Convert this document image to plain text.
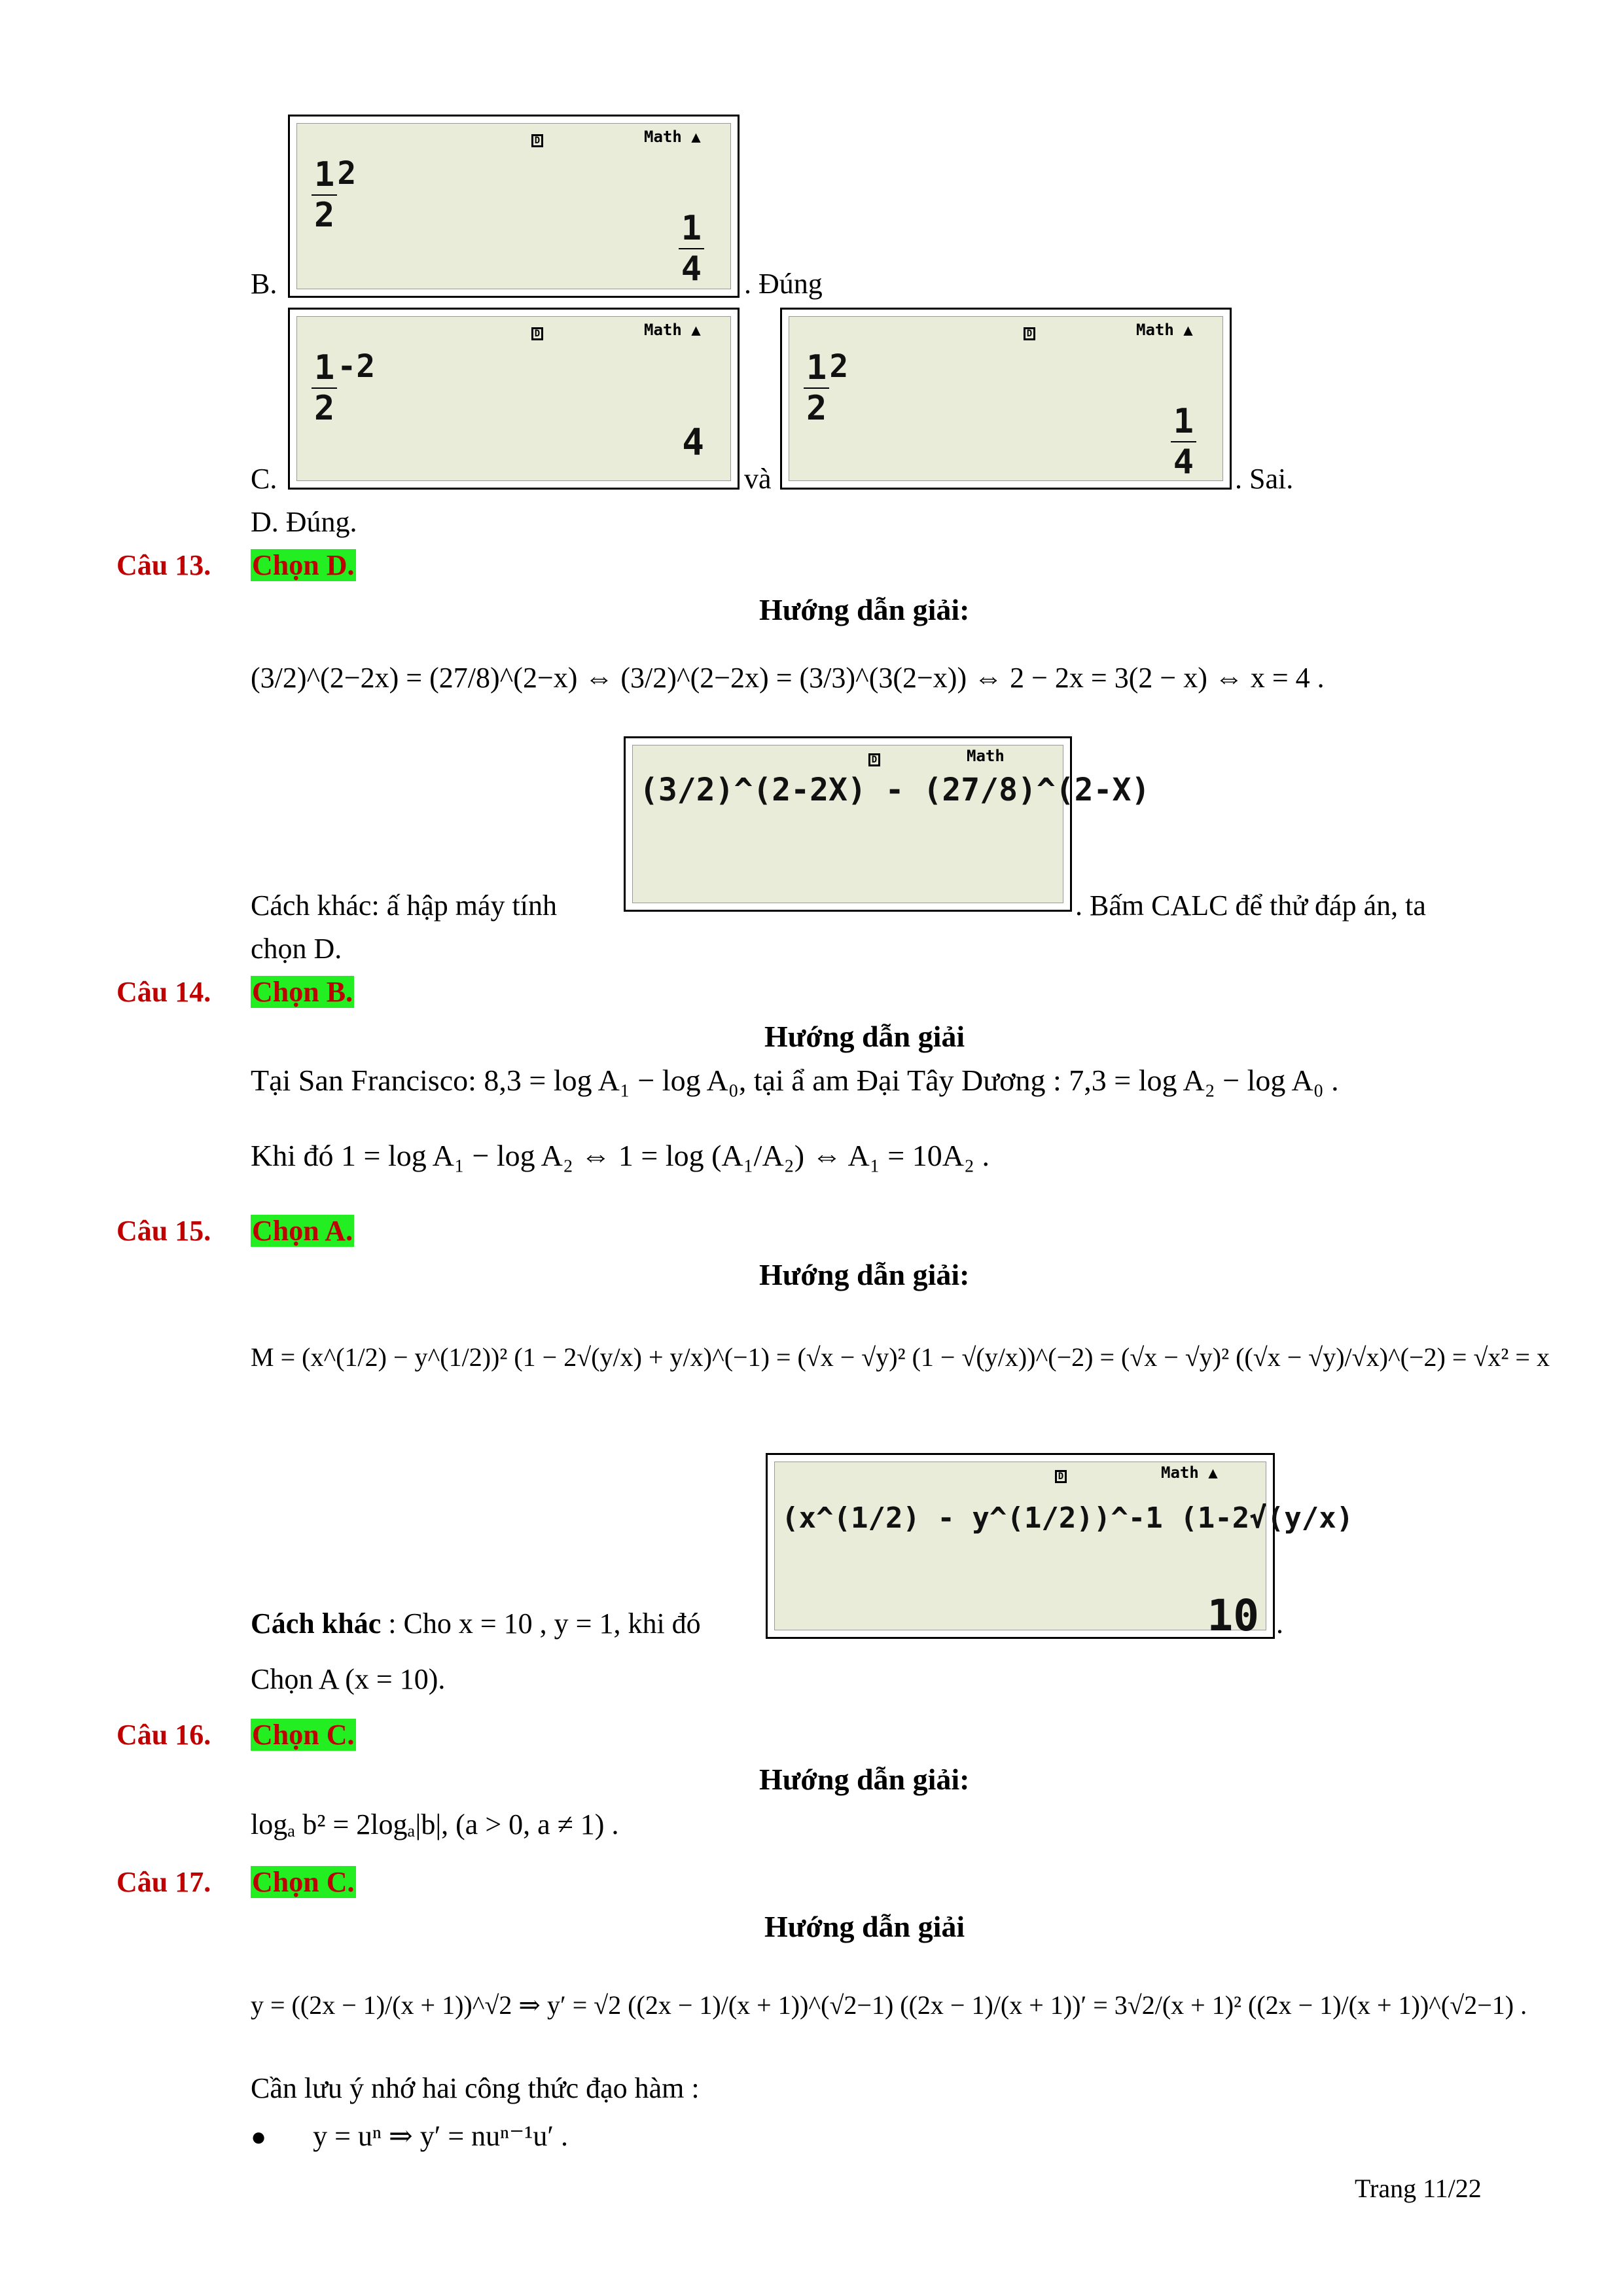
D	Math ▲
$\frac{1}{2} 2$
$\frac{1}{4}$
B.	. Đúng
D	Math ▲
$\frac{1}{2} -2$
4
D	Math ▲
$\frac{1}{2} 2$
$\frac{1}{4}$
C.	và	. Sai.
D. Đúng.
Câu 13. Chọn D.
Hướng dẫn giải:
(3/2)^(2−2x) = (27/8)^(2−x) ⇔ (3/2)^(2−2x) = (3/3)^(3(2−x)) ⇔ 2 − 2x = 3(2 − x) ⇔ x = 4 .
D	Math
(3/2)^(2-2X) - (27/8)^(2-X)
Cách khác: ấ hập máy tính	. Bấm CALC để thử đáp án, ta
chọn D.
Câu 14. Chọn B.
Hướng dẫn giải
Tại San Francisco: 8,3 = log A₁ − log A₀, tại ẩ am Đại Tây Dương : 7,3 = log A₂ − log A₀ .
Khi đó 1 = log A₁ − log A₂ ⇔ 1 = log (A₁/A₂) ⇔ A₁ = 10A₂ .
Câu 15. Chọn A.
Hướng dẫn giải:
M = (x^(1/2) − y^(1/2))² (1 − 2√(y/x) + y/x)^(−1) = (√x − √y)² (1 − √(y/x))^(−2) = (√x − √y)² ((√x − √y)/√x)^(−2) = √x² = x
D	Math ▲
(x^(1/2) - y^(1/2))^-1 (1-2√(y/x)
10
Cách khác : Cho x = 10 , y = 1, khi đó	.
Chọn A (x = 10).
Câu 16. Chọn C.
Hướng dẫn giải:
logₐ b² = 2logₐ|b|, (a > 0, a ≠ 1) .
Câu 17. Chọn C.
Hướng dẫn giải
y = ((2x − 1)/(x + 1))^√2 ⇒ y′ = √2 ((2x − 1)/(x + 1))^(√2−1) ((2x − 1)/(x + 1))′ = 3√2/(x + 1)² ((2x − 1)/(x + 1))^(√2−1) .
Cần lưu ý nhớ hai công thức đạo hàm :
● y = uⁿ ⇒ y′ = nuⁿ⁻¹u′ .
Trang 11/22
